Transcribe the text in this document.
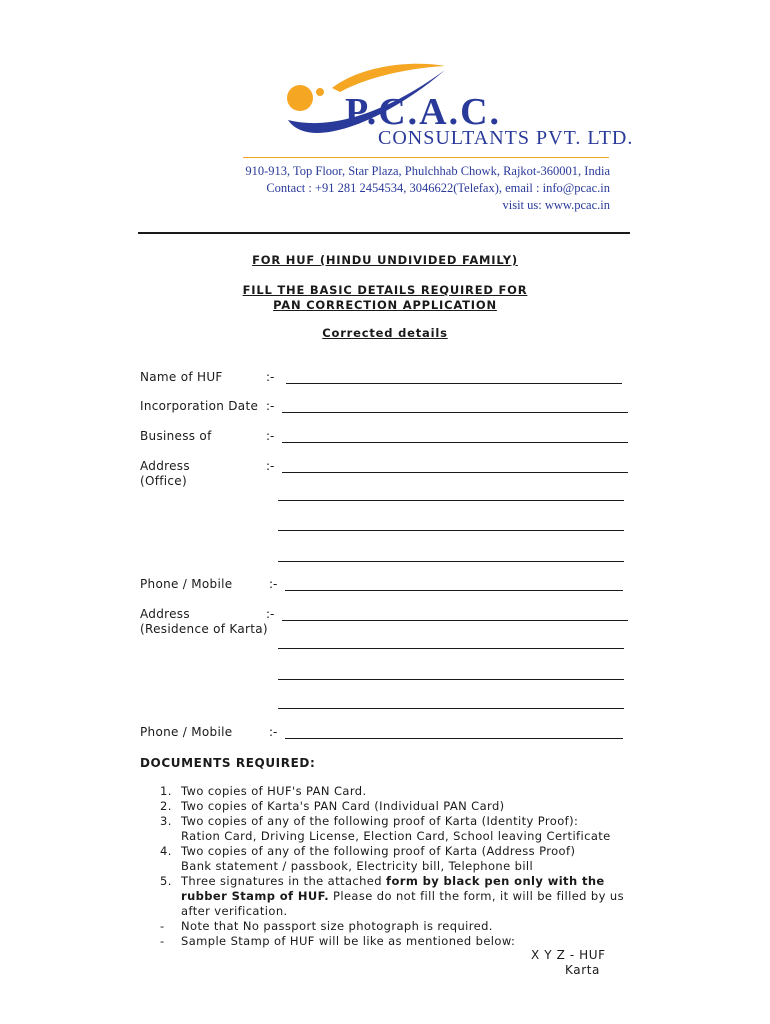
P.C.A.C.
CONSULTANTS PVT. LTD.
910-913, Top Floor, Star Plaza, Phulchhab Chowk, Rajkot-360001, India
Contact : +91 281 2454534, 3046622(Telefax), email : info@pcac.in
visit us: www.pcac.in
FOR HUF (HINDU UNDIVIDED FAMILY)
FILL THE BASIC DETAILS REQUIRED FOR
PAN CORRECTION APPLICATION
Corrected details
Name of HUF	:-
Incorporation Date :-
Business of	:-
Address
(Office)
:-
Phone / Mobile	:-
Address
(Residence of Karta)
:-
Phone / Mobile	:-
DOCUMENTS REQUIRED:
1. Two copies of HUF's PAN Card.
2. Two copies of Karta's PAN Card (Individual PAN Card)
3. Two copies of any of the following proof of Karta (Identity Proof):
Ration Card, Driving License, Election Card, School leaving Certificate
4. Two copies of any of the following proof of Karta (Address Proof)
Bank statement / passbook, Electricity bill, Telephone bill
5. Three signatures in the attached form by black pen only with the
rubber Stamp of HUF. Please do not fill the form, it will be filled by us
after verification.
- Note that No passport size photograph is required.
- Sample Stamp of HUF will be like as mentioned below:
X Y Z - HUF
Karta
